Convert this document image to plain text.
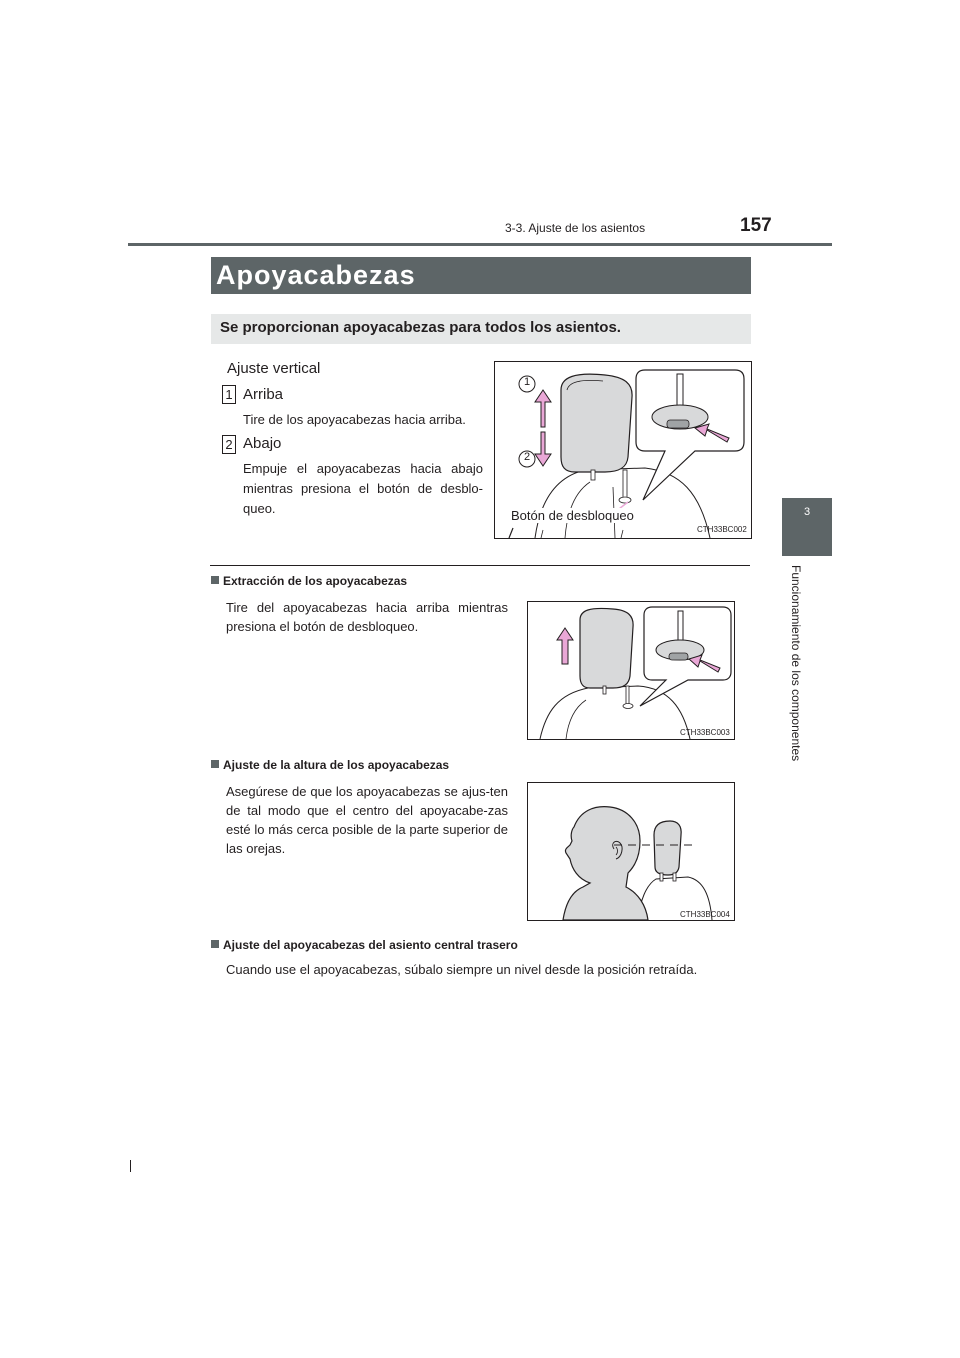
3-3. Ajuste de los asientos	157
3
Funcionamiento de los componentes
Apoyacabezas
Se proporcionan apoyacabezas para todos los asientos.
Ajuste vertical
1 Arriba
Tire de los apoyacabezas hacia arriba.
2 Abajo
Empuje el apoyacabezas hacia abajo mientras presiona el botón de desblo-queo.
1
2
Botón de desbloqueo
CTH33BC002
Extracción de los apoyacabezas
Tire del apoyacabezas hacia arriba mientras presiona el botón de desbloqueo.
CTH33BC003
Ajuste de la altura de los apoyacabezas
Asegúrese de que los apoyacabezas se ajus-ten de tal modo que el centro del apoyacabe-zas esté lo más cerca posible de la parte superior de las orejas.
CTH33BC004
Ajuste del apoyacabezas del asiento central trasero
Cuando use el apoyacabezas, súbalo siempre un nivel desde la posición retraída.
